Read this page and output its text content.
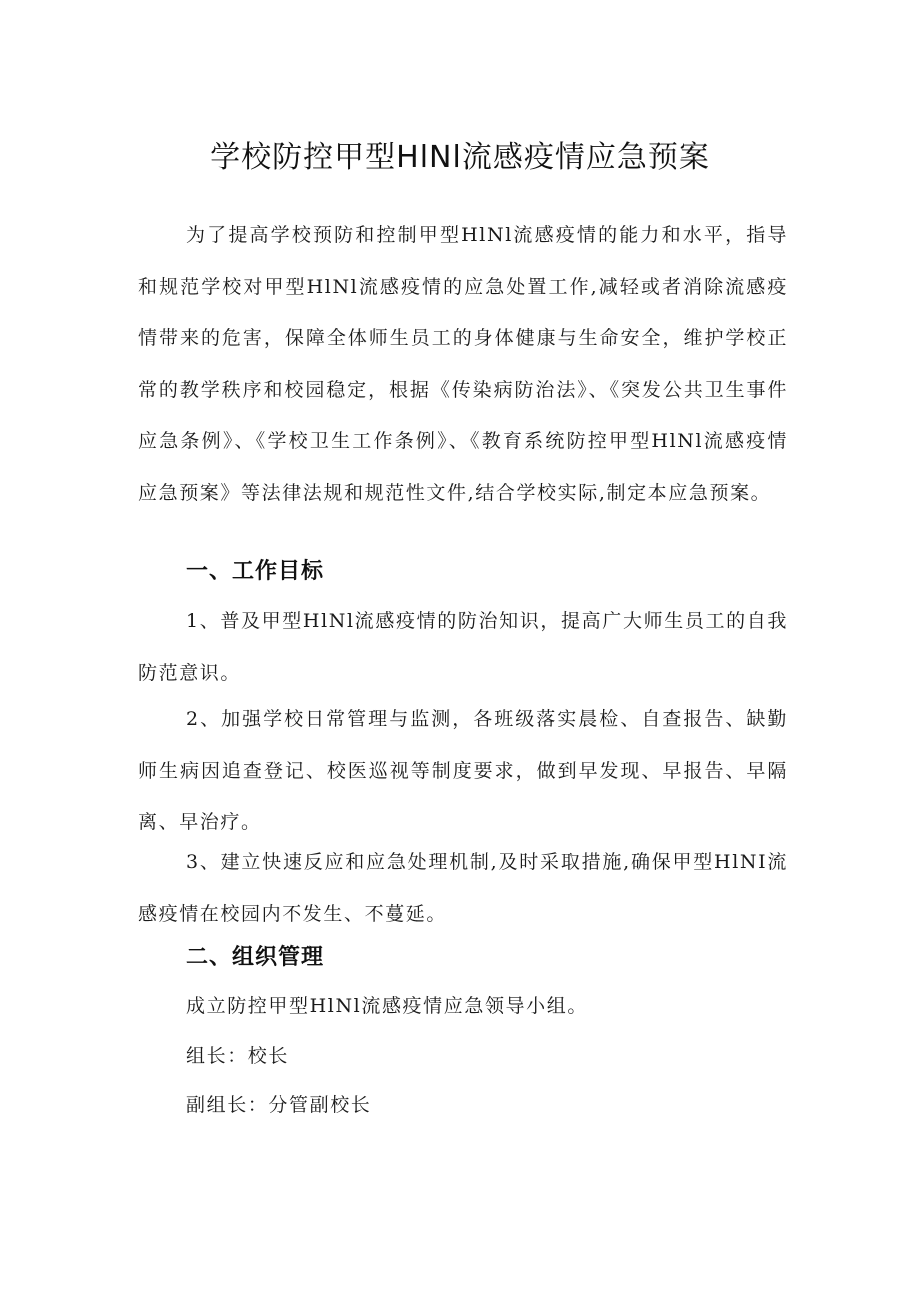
学校防控甲型HlNl流感疫情应急预案

为了提高学校预防和控制甲型HlNl流感疫情的能力和水平，指导和规范学校对甲型HlNl流感疫情的应急处置工作,减轻或者消除流感疫情带来的危害，保障全体师生员工的身体健康与生命安全，维护学校正常的教学秩序和校园稳定，根据《传染病防治法》、《突发公共卫生事件应急条例》、《学校卫生工作条例》、《教育系统防控甲型HlNl流感疫情应急预案》等法律法规和规范性文件,结合学校实际,制定本应急预案。

一、工作目标

1、普及甲型HlNl流感疫情的防治知识，提高广大师生员工的自我防范意识。

2、加强学校日常管理与监测，各班级落实晨检、自查报告、缺勤师生病因追查登记、校医巡视等制度要求，做到早发现、早报告、早隔离、早治疗。

3、建立快速反应和应急处理机制,及时采取措施,确保甲型HlNI流感疫情在校园内不发生、不蔓延。

二、组织管理

成立防控甲型HlNl流感疫情应急领导小组。

组长：校长

副组长：分管副校长
